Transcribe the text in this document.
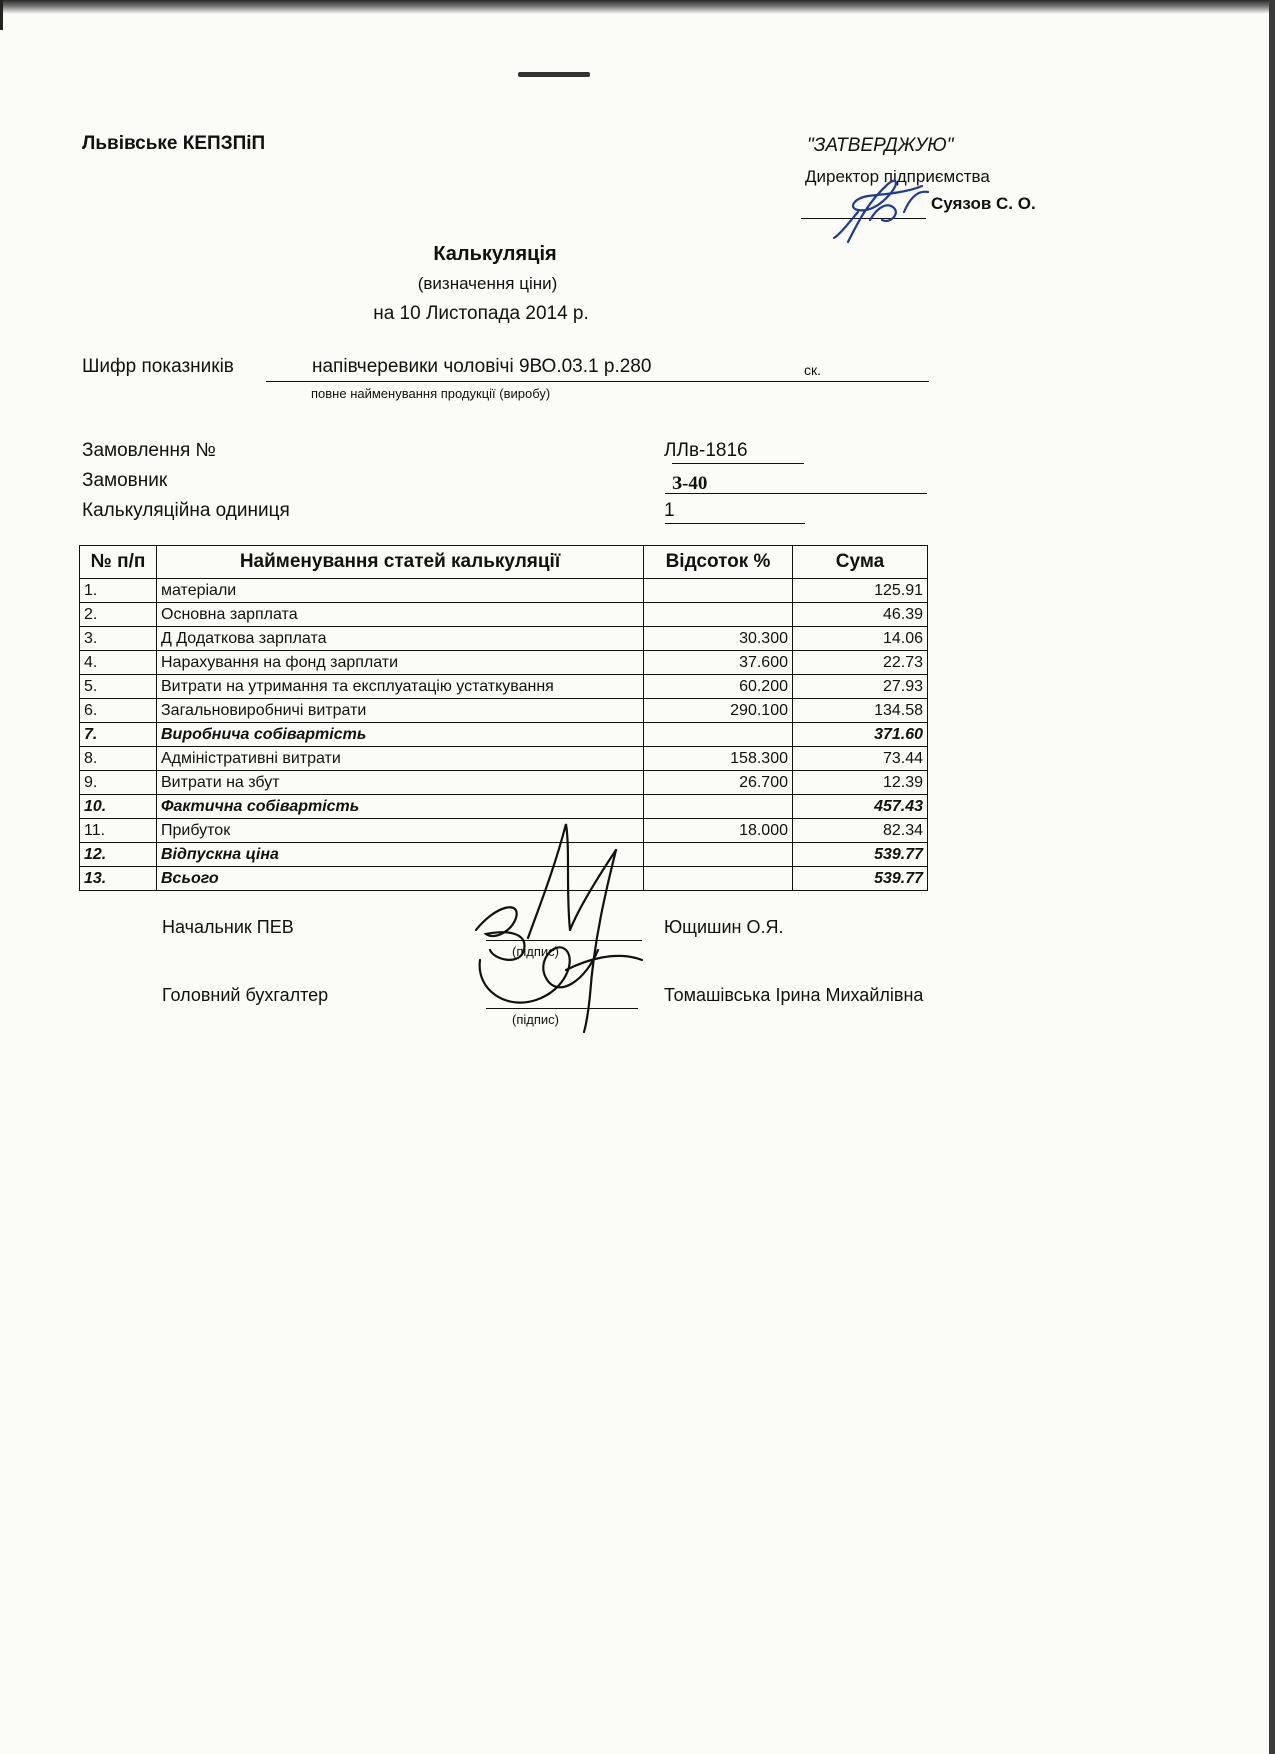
Львівське КЕПЗПіП	"ЗАТВЕРДЖУЮ"
Директор підприємства
Суязов С. О.
Калькуляція
(визначення ціни)
на 10 Листопада 2014 р.
Шифр показників	напівчеревики чоловічі 9ВО.03.1 р.280	ск.
повне найменування продукції (виробу)
Замовлення №	ЛЛв-1816
Замовник	З-40
Калькуляційна одиниця	1
№ п/п	Найменування статей калькуляції	Відсоток %	Сума
1.	матеріали		125.91
2.	Основна зарплата		46.39
3.	Д Додаткова зарплата	30.300	14.06
4.	Нарахування на фонд зарплати	37.600	22.73
5.	Витрати на утримання та експлуатацію устаткування	60.200	27.93
6.	Загальновиробничі витрати	290.100	134.58
7.	Виробнича собівартість		371.60
8.	Адміністративні витрати	158.300	73.44
9.	Витрати на збут	26.700	12.39
10.	Фактична собівартість		457.43
11.	Прибуток	18.000	82.34
12.	Відпускна ціна		539.77
13.	Всього		539.77
Начальник ПЕВ
(підпис)
Ющишин О.Я.
Головний бухгалтер
(підпис)
Томашівська Ірина Михайлівна
